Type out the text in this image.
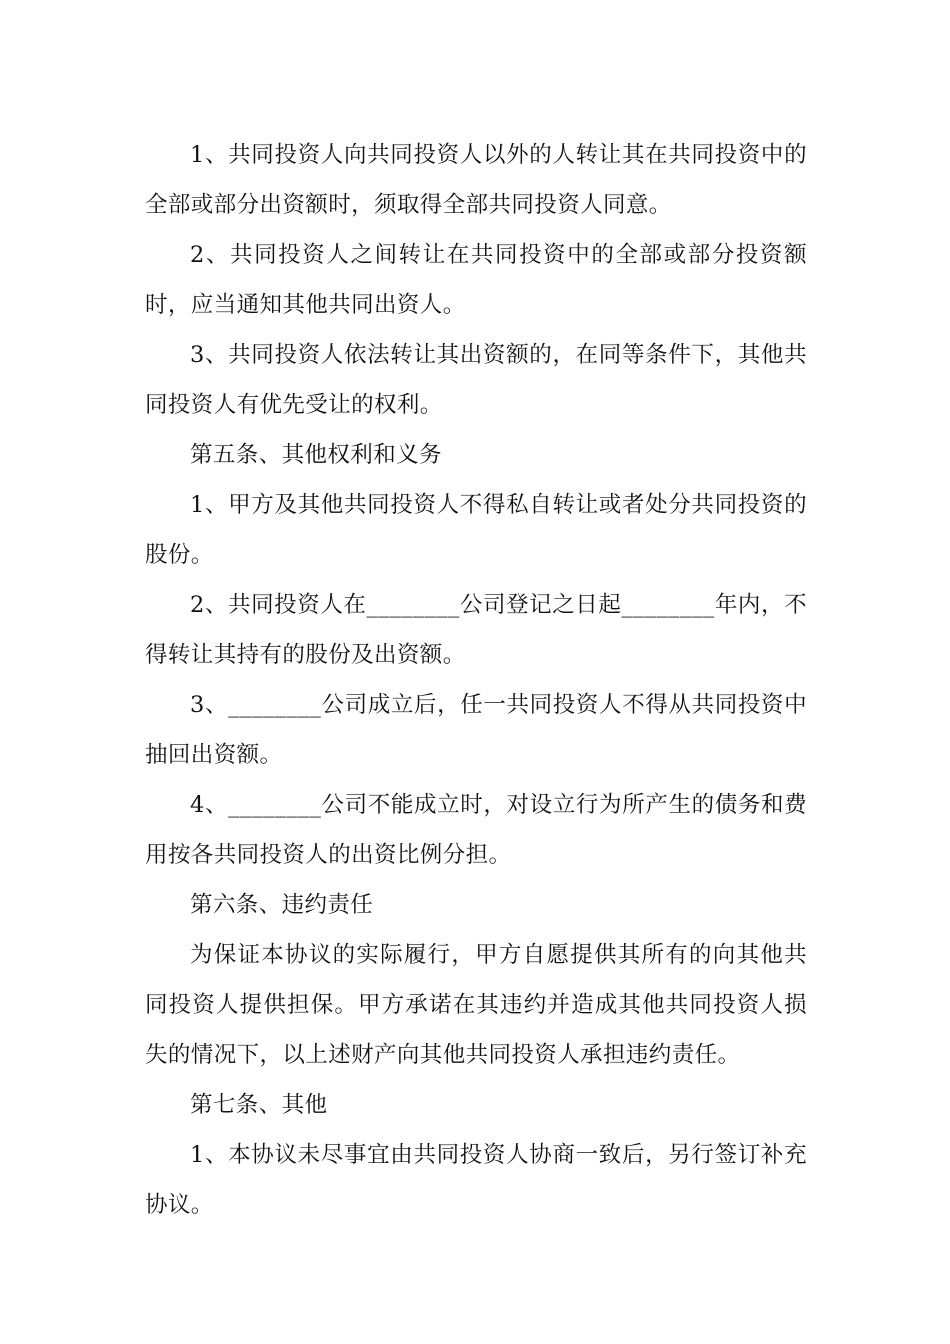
1、共同投资人向共同投资人以外的人转让其在共同投资中的全部或部分出资额时，须取得全部共同投资人同意。

2、共同投资人之间转让在共同投资中的全部或部分投资额时，应当通知其他共同出资人。

3、共同投资人依法转让其出资额的，在同等条件下，其他共同投资人有优先受让的权利。

第五条、其他权利和义务

1、甲方及其他共同投资人不得私自转让或者处分共同投资的股份。

2、共同投资人在________公司登记之日起________年内，不得转让其持有的股份及出资额。

3、________公司成立后，任一共同投资人不得从共同投资中抽回出资额。

4、________公司不能成立时，对设立行为所产生的债务和费用按各共同投资人的出资比例分担。

第六条、违约责任

为保证本协议的实际履行，甲方自愿提供其所有的向其他共同投资人提供担保。甲方承诺在其违约并造成其他共同投资人损失的情况下，以上述财产向其他共同投资人承担违约责任。

第七条、其他

1、本协议未尽事宜由共同投资人协商一致后，另行签订补充协议。
